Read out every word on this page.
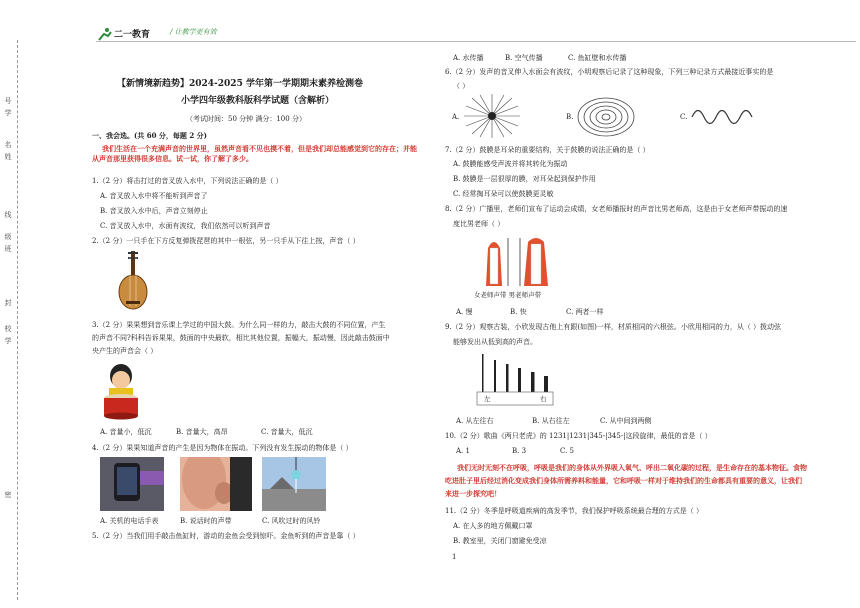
号
学
名
姓
线
级
班
封
校
学
密
二一教育	/ 让教学更有效
【新情境新趋势】2024-2025 学年第一学期期末素养检测卷
小学四年级教科版科学试题（含解析）
（考试时间：50 分钟 满分：100 分）
一、我会选。(共 60 分，每题 2 分)
我们生活在一个充满声音的世界里，虽然声音看不见也摸不着，但是我们却总能感觉到它的存在；并能从声音那里获得很多信息。试一试，你了解了多少。
1.（2 分）将击打过的音叉放入水中，下列说法正确的是（ ）
A. 音叉放入水中将不能听到声音了
B. 音叉放入水中后，声音立刻停止
C. 音叉放入水中，水面有波纹，我们依然可以听到声音
2.（2 分）一只手在下方反复弹拨琵琶的其中一根弦，另一只手从下往上按，声音（ ）
3.（2 分）果果想到音乐课上学过的中国大鼓。为什么同一样的力，敲击大鼓的不同位置，产生
的声音不同?科科告诉果果，鼓面的中央最软，相比其他位置，振幅大，振动慢，因此敲击鼓面中
央产生的声音会（ ）
A. 音量小，低沉	B. 音量大，高昂	C. 音量大，低沉
4.（2 分）果果知道声音的产生是因为物体在振动。下列没有发生振动的物体是（ ）
A. 关机的电话手表	B. 说话时的声带	C. 风吹过时的风铃
5.（2 分）当我们用手敲击鱼缸时，游动的金鱼会受到惊吓。金鱼听到的声音是靠（ ）
A. 水传播	B. 空气传播	C. 鱼缸壁和水传播
6.（2 分）发声的音叉伸入水面会有波纹，小明观察后记录了这种现象，下列三种记录方式最接近事实的是
（ ）
A.	B.	C.
7.（2 分）鼓膜是耳朵的重要结构，关于鼓膜的说法正确的是（ ）
A. 鼓膜能感受声波并将其转化为振动
B. 鼓膜是一层很厚的膜，对耳朵起到保护作用
C. 经常掏耳朵可以使鼓膜更灵敏
8.（2 分）广播里，老师们宣布了运动会成绩，女老师播报时的声音比男老师高，这是由于女老师声带振动的速
度比男老师（ ）
女老师声带 男老师声带
A. 慢	B. 快	C. 两者一样
9.（2 分）观察古装，小欣发现古他上有跟(如图)一样，材质相同的六根弦。小欣用相同的力，从（ ）拨动弦
能够发出从低到高的声音。
左	右
A. 从左往右	B. 从右往左	C. 从中间到两侧
10.（2 分）歌曲《两只老虎》的 1231|1231|345-|345-|这段旋律，最低的音是（ ）
A. 1	B. 3	C. 5
我们无时无刻不在呼吸，呼吸是我们的身体从外界吸入氧气、呼出二氧化碳的过程，是生命存在的基本物征。食物吃进肚子里后经过消化变成我们身体所需养料和能量，它和呼吸一样对于维持我们的生命都具有重要的意义，让我们来进一步探究吧！
11.（2 分）冬季是呼吸道疾病的高发季节，我们保护呼吸系统最合理的方式是（ ）
A. 在人多的地方佩戴口罩
B. 教室里，关闭门窗避免受凉
1
